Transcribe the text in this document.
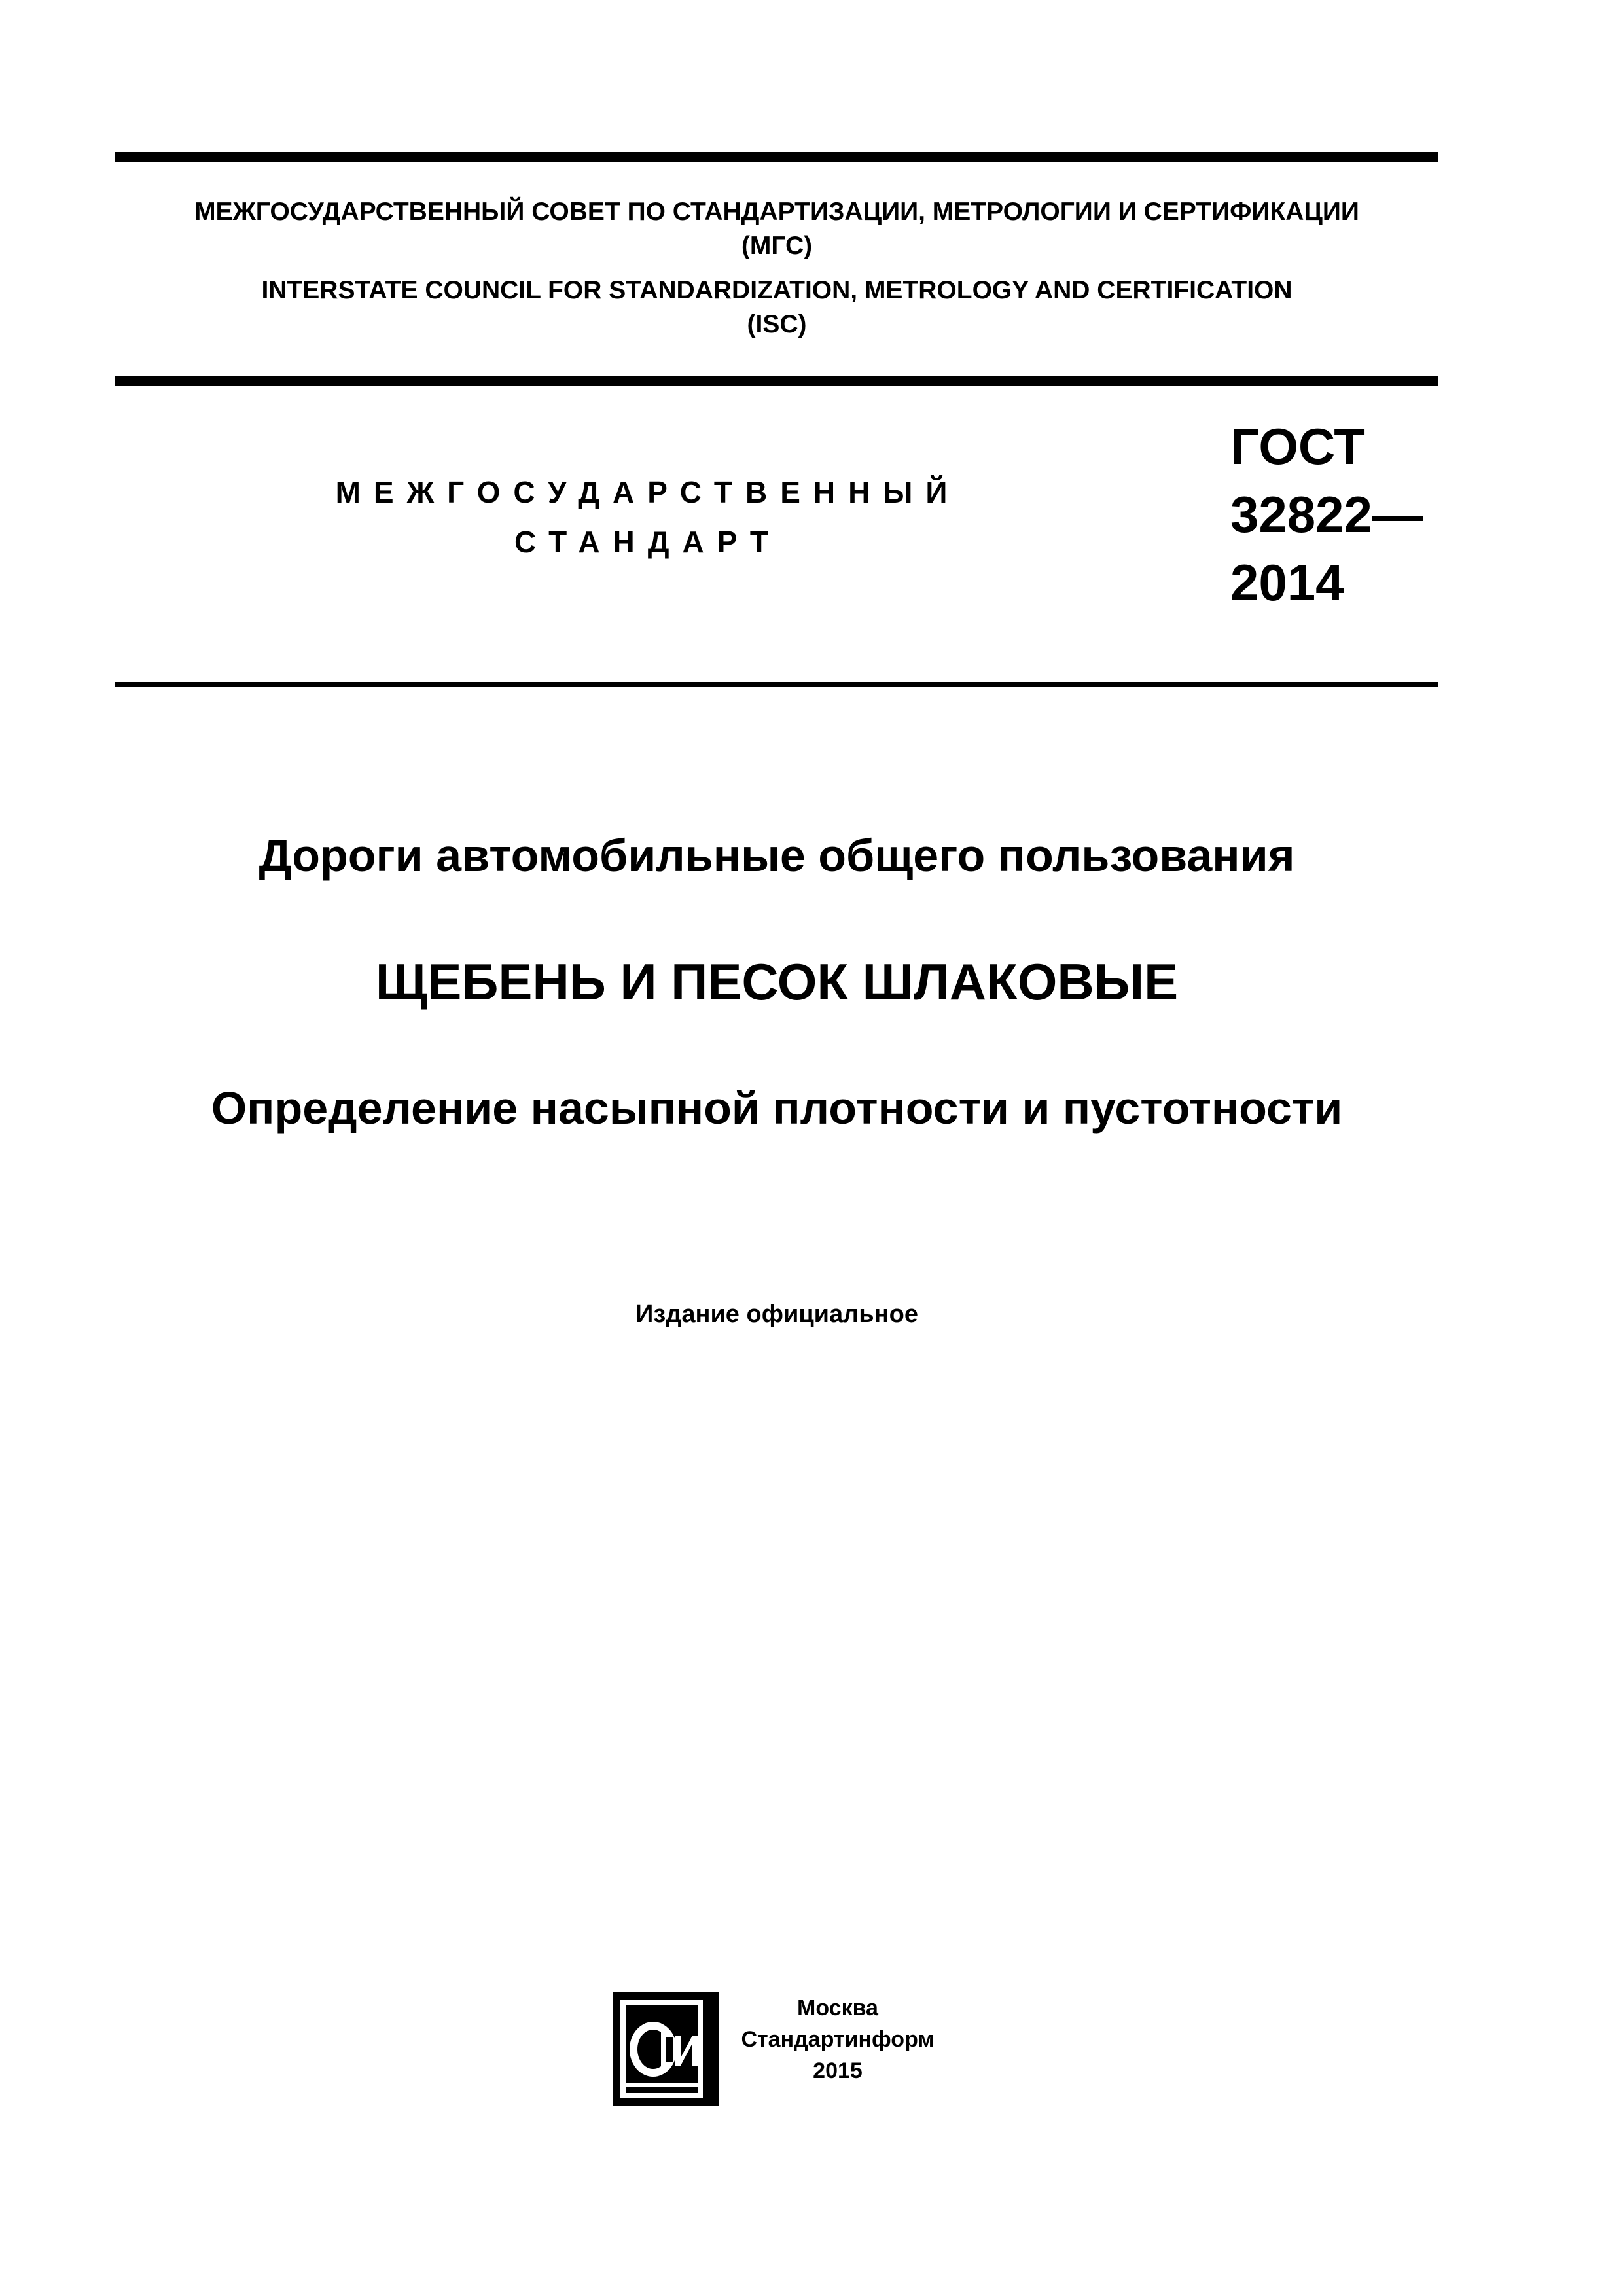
МЕЖГОСУДАРСТВЕННЫЙ СОВЕТ ПО СТАНДАРТИЗАЦИИ, МЕТРОЛОГИИ И СЕРТИФИКАЦИИ
(МГС)
INTERSTATE COUNCIL FOR STANDARDIZATION, METROLOGY AND CERTIFICATION
(ISC)
МЕЖГОСУДАРСТВЕННЫЙ
СТАНДАРТ
ГОСТ
32822—
2014
Дороги автомобильные общего пользования
ЩЕБЕНЬ И ПЕСОК ШЛАКОВЫЕ
Определение насыпной плотности и пустотности
Издание официальное
Москва
Стандартинформ
2015
